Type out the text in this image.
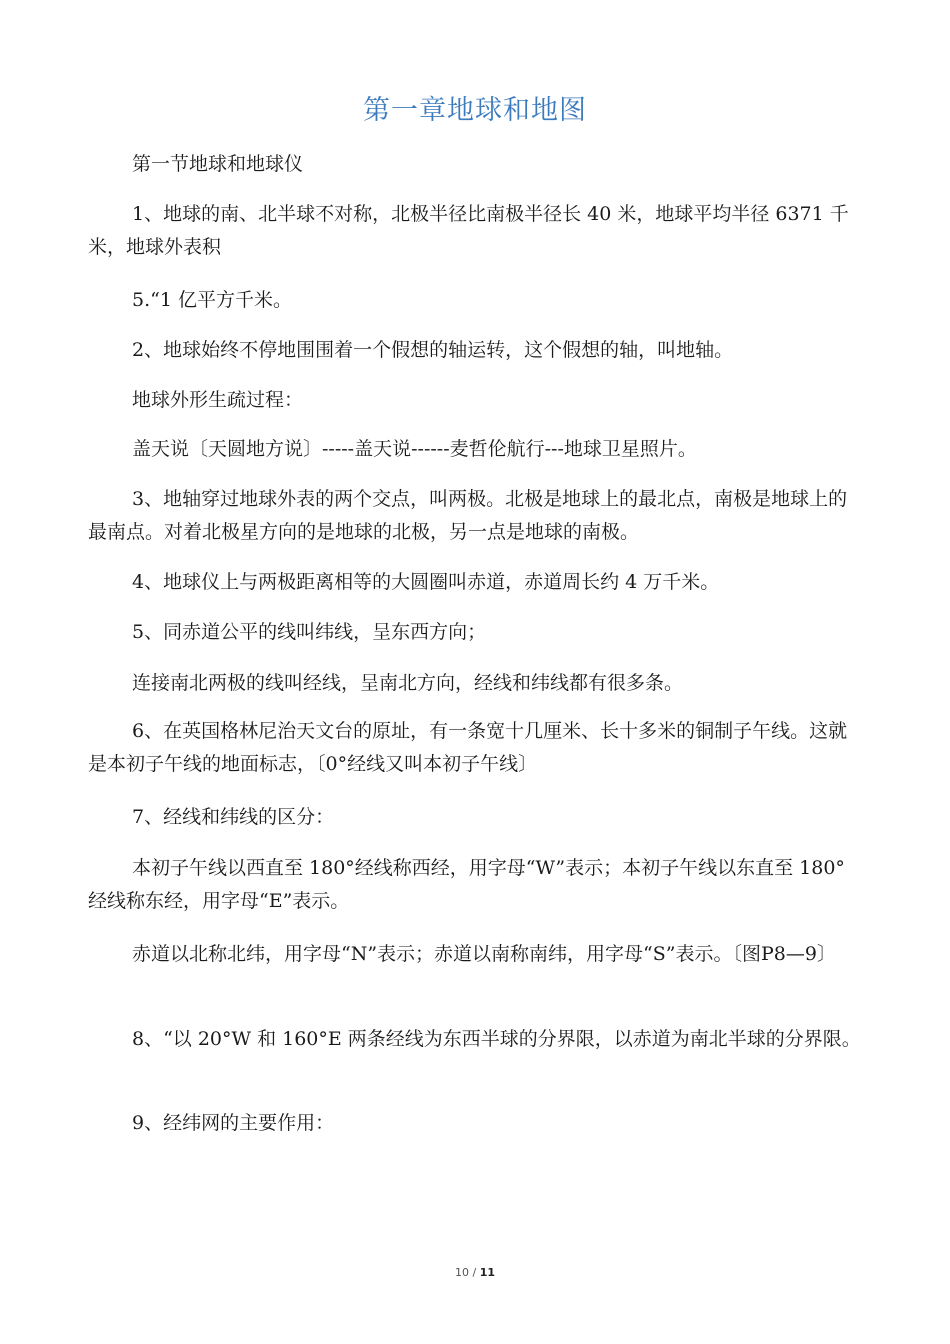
第一章地球和地图
第一节地球和地球仪
1、地球的南、北半球不对称，北极半径比南极半径长 40 米，地球平均半径 6371 千米，地球外表积
5.“1 亿平方千米。
2、地球始终不停地围围着一个假想的轴运转，这个假想的轴，叫地轴。
地球外形生疏过程：
盖天说〔天圆地方说〕-----盖天说------麦哲伦航行---地球卫星照片。
3、地轴穿过地球外表的两个交点，叫两极。北极是地球上的最北点，南极是地球上的最南点。对着北极星方向的是地球的北极，另一点是地球的南极。
4、地球仪上与两极距离相等的大圆圈叫赤道，赤道周长约 4 万千米。
5、同赤道公平的线叫纬线，呈东西方向；
连接南北两极的线叫经线，呈南北方向，经线和纬线都有很多条。
6、在英国格林尼治天文台的原址，有一条宽十几厘米、长十多米的铜制子午线。这就是本初子午线的地面标志，〔0°经线又叫本初子午线〕
7、经线和纬线的区分：
本初子午线以西直至 180°经线称西经，用字母“W”表示；本初子午线以东直至 180°经线称东经，用字母“E”表示。
赤道以北称北纬，用字母“N”表示；赤道以南称南纬，用字母“S”表示。〔图P8—9〕
8、“以 20°W 和 160°E 两条经线为东西半球的分界限，以赤道为南北半球的分界限。
9、经纬网的主要作用：
10 / 11
